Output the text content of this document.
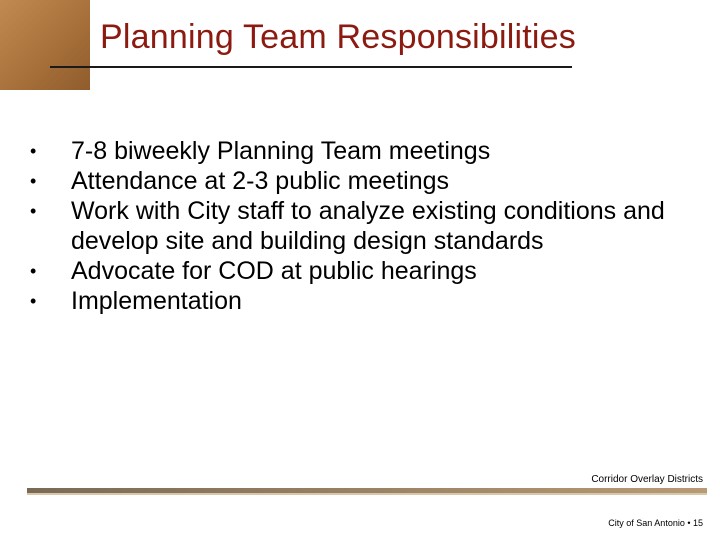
Planning Team Responsibilities
• 7-8 biweekly Planning Team meetings
• Attendance at 2-3 public meetings
• Work with City staff to analyze existing conditions and develop site and building design standards
• Advocate for COD at public hearings
• Implementation
Corridor Overlay Districts
City of San Antonio • 15
